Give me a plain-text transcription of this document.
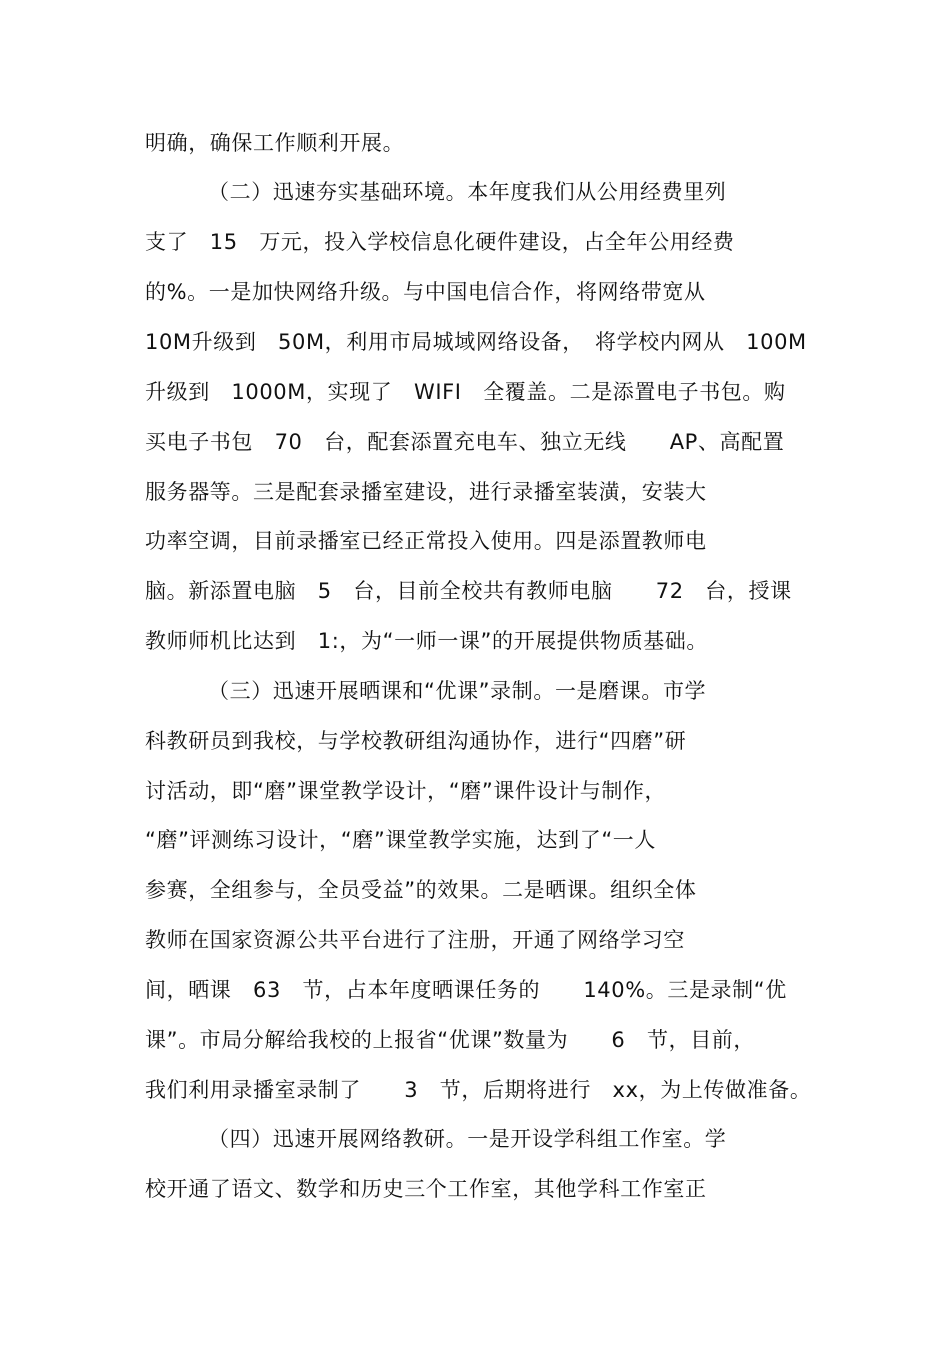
明确，确保工作顺利开展。
（二）迅速夯实基础环境。本年度我们从公用经费里列
支了　15　万元，投入学校信息化硬件建设，占全年公用经费
的%。一是加快网络升级。与中国电信合作，将网络带宽从
10M升级到　50M，利用市局城域网络设备，　将学校内网从　100M
升级到　1000M，实现了　WIFI　全覆盖。二是添置电子书包。购
买电子书包　70　台，配套添置充电车、独立无线　　AP、高配置
服务器等。三是配套录播室建设，进行录播室装潢，安装大
功率空调，目前录播室已经正常投入使用。四是添置教师电
脑。新添置电脑　5　台，目前全校共有教师电脑　　72　台，授课
教师师机比达到　1:，为“一师一课”的开展提供物质基础。
（三）迅速开展晒课和“优课”录制。一是磨课。市学
科教研员到我校，与学校教研组沟通协作，进行“四磨”研
讨活动，即“磨”课堂教学设计，“磨”课件设计与制作，
“磨”评测练习设计，“磨”课堂教学实施，达到了“一人
参赛，全组参与，全员受益”的效果。二是晒课。组织全体
教师在国家资源公共平台进行了注册，开通了网络学习空
间，晒课　63　节，占本年度晒课任务的　　140%。三是录制“优
课”。市局分解给我校的上报省“优课”数量为　　6　节，目前，
我们利用录播室录制了　　3　节，后期将进行　xx，为上传做准备。
（四）迅速开展网络教研。一是开设学科组工作室。学
校开通了语文、数学和历史三个工作室，其他学科工作室正
